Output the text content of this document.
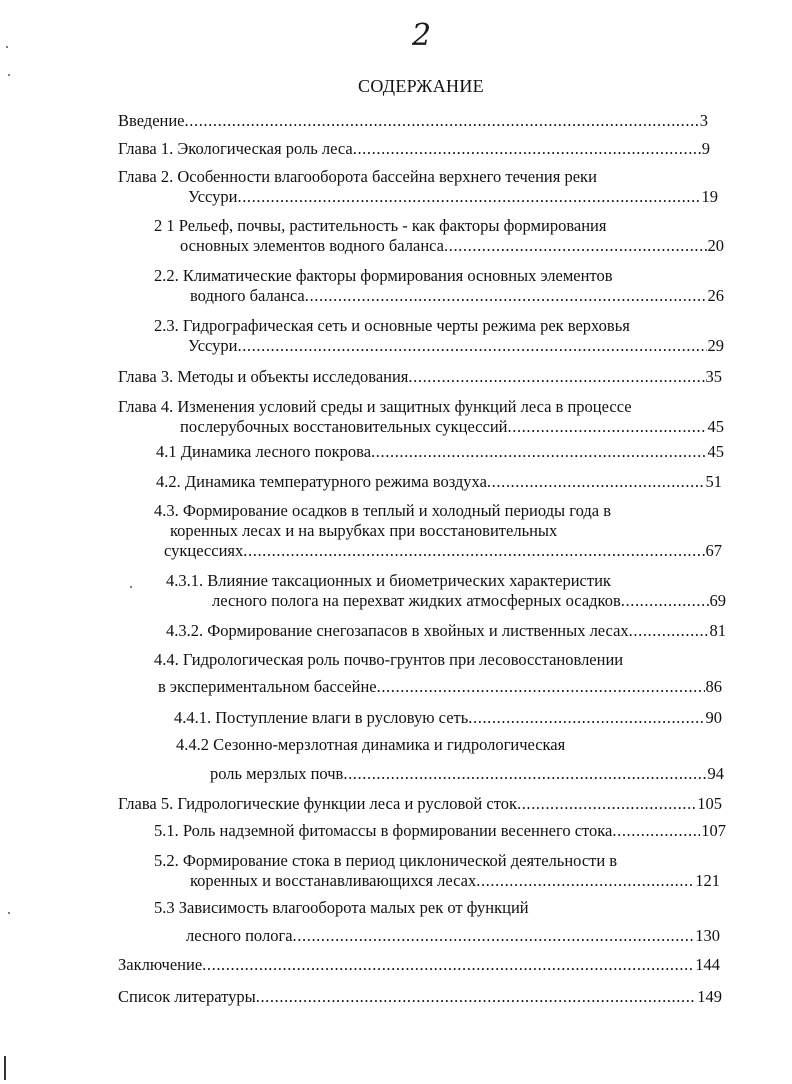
2
СОДЕРЖАНИЕ
Введение .....	3
Глава 1. Экологическая роль леса .....	9
Глава 2. Особенности влагооборота бассейна верхнего течения реки
Уссури .....	19
2 1 Рельеф, почвы, растительность - как факторы формирования
основных элементов водного баланса .....	20
2.2. Климатические факторы формирования основных элементов
водного баланса .....	26
2.3. Гидрографическая сеть и основные черты режима рек верховья
Уссури .....	29
Глава 3. Методы и объекты исследования .....	35
Глава 4. Изменения условий среды и защитных функций леса в процессе
послерубочных восстановительных сукцессий .....	45
4.1 Динамика лесного покрова .....	45
4.2. Динамика температурного режима воздуха .....	51
4.3. Формирование осадков в теплый и холодный периоды года в
коренных лесах и на вырубках при восстановительных
сукцессиях .....	67
4.3.1. Влияние таксационных и биометрических характеристик
лесного полога на перехват жидких атмосферных осадков .....	69
4.3.2. Формирование снегозапасов в хвойных и лиственных лесах .....	81
4.4. Гидрологическая роль почво-грунтов при лесовосстановлении
в экспериментальном бассейне .....	86
4.4.1. Поступление влаги в русловую сеть .....	90
4.4.2 Сезонно-мерзлотная динамика и гидрологическая
роль мерзлых почв .....	94
Глава 5. Гидрологические функции леса и русловой сток .....	105
5.1. Роль надземной фитомассы в формировании весеннего стока .....	107
5.2. Формирование стока в период циклонической деятельности в
коренных и восстанавливающихся лесах .....	121
5.3 Зависимость влагооборота малых рек от функций
лесного полога .....	130
Заключение .....	144
Список литературы .....	149
